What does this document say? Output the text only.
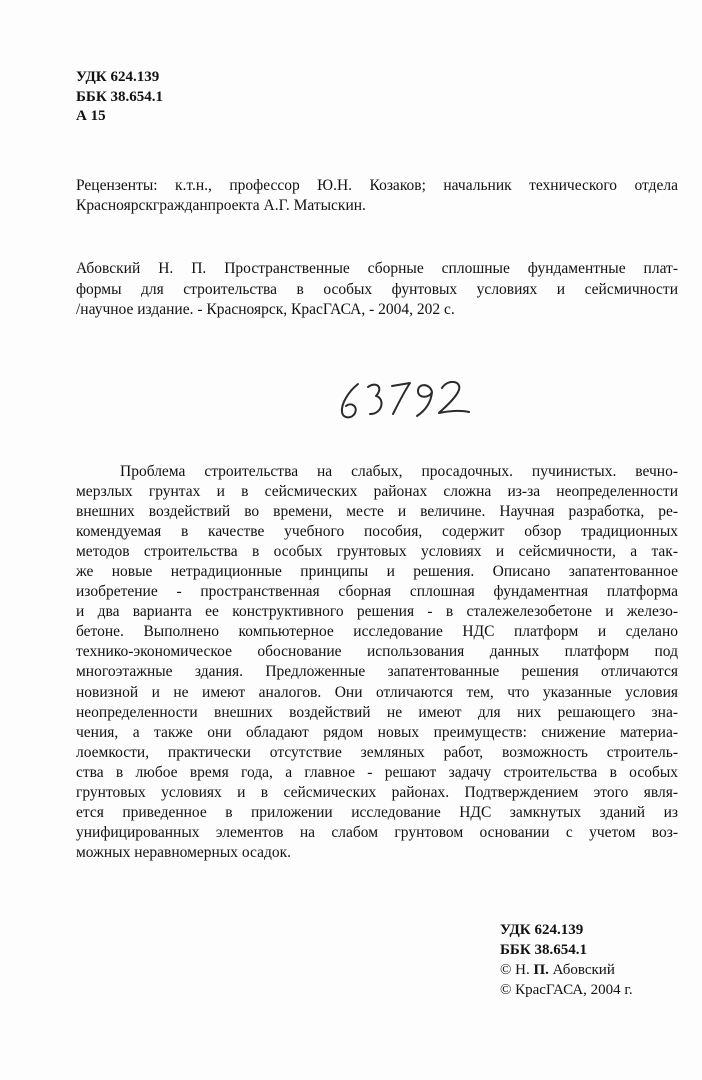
УДК 624.139
ББК 38.654.1
А 15
Рецензенты: к.т.н., профессор Ю.Н. Козаков; начальник технического отдела
Красноярскгражданпроекта А.Г. Матыскин.
Абовский Н. П. Пространственные сборные сплошные фундаментные плат-
формы для строительства в особых фунтовых условиях и сейсмичности
/научное издание. - Красноярск, КрасГАСА, - 2004, 202 с.
Проблема строительства на слабых, просадочных. пучинистых. вечно-
мерзлых грунтах и в сейсмических районах сложна из-за неопределенности
внешних воздействий во времени, месте и величине. Научная разработка, ре-
комендуемая в качестве учебного пособия, содержит обзор традиционных
методов строительства в особых грунтовых условиях и сейсмичности, а так-
же новые нетрадиционные принципы и решения. Описано запатентованное
изобретение - пространственная сборная сплошная фундаментная платформа
и два варианта ее конструктивного решения - в сталежелезобетоне и железо-
бетоне. Выполнено компьютерное исследование НДС платформ и сделано
технико-экономическое обоснование использования данных платформ под
многоэтажные здания. Предложенные запатентованные решения отличаются
новизной и не имеют аналогов. Они отличаются тем, что указанные условия
неопределенности внешних воздействий не имеют для них решающего зна-
чения, а также они обладают рядом новых преимуществ: снижение материа-
лоемкости, практически отсутствие земляных работ, возможность строитель-
ства в любое время года, а главное - решают задачу строительства в особых
грунтовых условиях и в сейсмических районах. Подтверждением этого явля-
ется приведенное в приложении исследование НДС замкнутых зданий из
унифицированных элементов на слабом грунтовом основании с учетом воз-
можных неравномерных осадок.
УДК 624.139
ББК 38.654.1
© Н. П. Абовский
© КрасГАСА, 2004 г.
